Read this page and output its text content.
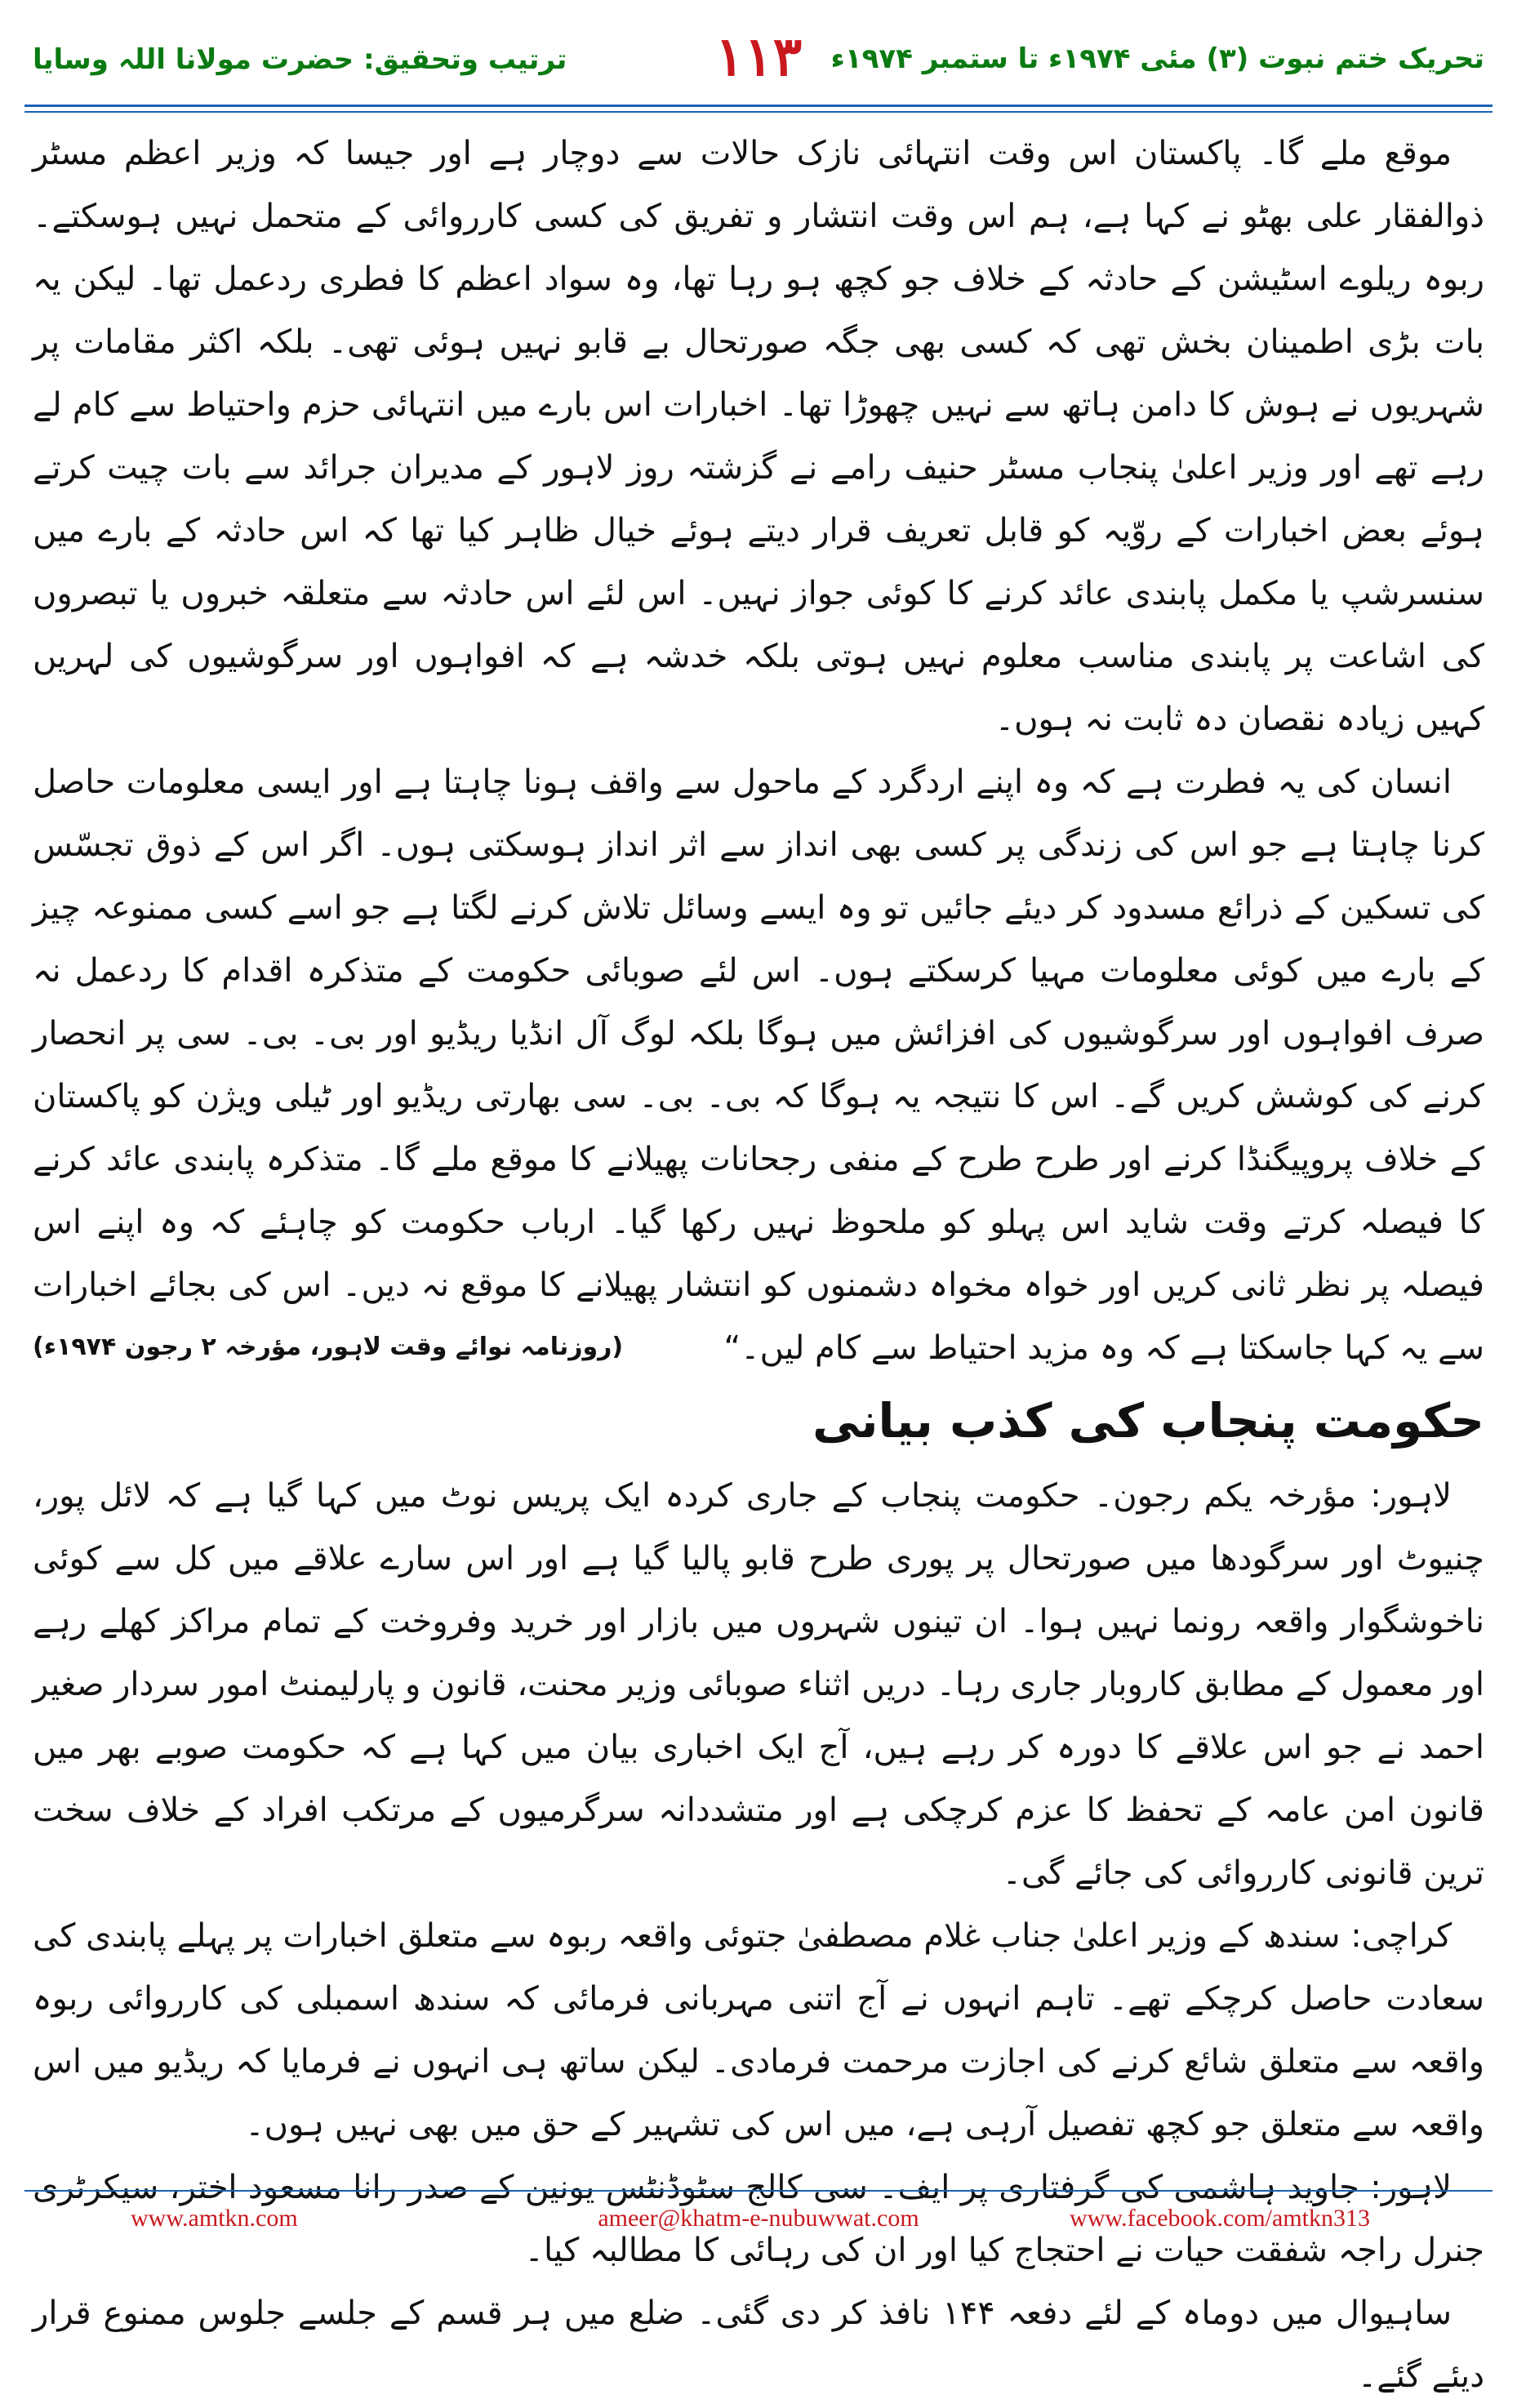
تحریک ختم نبوت (۳) مئی ۱۹۷۴ء تا ستمبر ۱۹۷۴ء
۱۱۳
ترتیب وتحقیق: حضرت مولانا اللہ وسایا

موقع ملے گا۔ پاکستان اس وقت انتہائی نازک حالات سے دوچار ہے اور جیسا کہ وزیر اعظم مسٹر ذوالفقار علی بھٹو نے کہا ہے، ہم اس وقت انتشار و تفریق کی کسی کارروائی کے متحمل نہیں ہوسکتے۔ ربوہ ریلوے اسٹیشن کے حادثہ کے خلاف جو کچھ ہو رہا تھا، وہ سواد اعظم کا فطری ردعمل تھا۔ لیکن یہ بات بڑی اطمینان بخش تھی کہ کسی بھی جگہ صورتحال بے قابو نہیں ہوئی تھی۔ بلکہ اکثر مقامات پر شہریوں نے ہوش کا دامن ہاتھ سے نہیں چھوڑا تھا۔ اخبارات اس بارے میں انتہائی حزم واحتیاط سے کام لے رہے تھے اور وزیر اعلیٰ پنجاب مسٹر حنیف رامے نے گزشتہ روز لاہور کے مدیران جرائد سے بات چیت کرتے ہوئے بعض اخبارات کے روّیہ کو قابل تعریف قرار دیتے ہوئے خیال ظاہر کیا تھا کہ اس حادثہ کے بارے میں سنسرشپ یا مکمل پابندی عائد کرنے کا کوئی جواز نہیں۔ اس لئے اس حادثہ سے متعلقہ خبروں یا تبصروں کی اشاعت پر پابندی مناسب معلوم نہیں ہوتی بلکہ خدشہ ہے کہ افواہوں اور سرگوشیوں کی لہریں کہیں زیادہ نقصان دہ ثابت نہ ہوں۔

انسان کی یہ فطرت ہے کہ وہ اپنے اردگرد کے ماحول سے واقف ہونا چاہتا ہے اور ایسی معلومات حاصل کرنا چاہتا ہے جو اس کی زندگی پر کسی بھی انداز سے اثر انداز ہوسکتی ہوں۔ اگر اس کے ذوق تجسّس کی تسکین کے ذرائع مسدود کر دیئے جائیں تو وہ ایسے وسائل تلاش کرنے لگتا ہے جو اسے کسی ممنوعہ چیز کے بارے میں کوئی معلومات مہیا کرسکتے ہوں۔ اس لئے صوبائی حکومت کے متذکرہ اقدام کا ردعمل نہ صرف افواہوں اور سرگوشیوں کی افزائش میں ہوگا بلکہ لوگ آل انڈیا ریڈیو اور بی۔ بی۔ سی پر انحصار کرنے کی کوشش کریں گے۔ اس کا نتیجہ یہ ہوگا کہ بی۔ بی۔ سی بھارتی ریڈیو اور ٹیلی ویژن کو پاکستان کے خلاف پروپیگنڈا کرنے اور طرح طرح کے منفی رجحانات پھیلانے کا موقع ملے گا۔ متذکرہ پابندی عائد کرنے کا فیصلہ کرتے وقت شاید اس پہلو کو ملحوظ نہیں رکھا گیا۔ ارباب حکومت کو چاہئے کہ وہ اپنے اس فیصلہ پر نظر ثانی کریں اور خواہ مخواہ دشمنوں کو انتشار پھیلانے کا موقع نہ دیں۔ اس کی بجائے اخبارات سے یہ کہا جاسکتا ہے کہ وہ مزید احتیاط سے کام لیں۔“

(روزنامہ نوائے وقت لاہور، مؤرخہ ۲ رجون ۱۹۷۴ء)

حکومت پنجاب کی کذب بیانی

لاہور: مؤرخہ یکم رجون۔ حکومت پنجاب کے جاری کردہ ایک پریس نوٹ میں کہا گیا ہے کہ لائل پور، چنیوٹ اور سرگودھا میں صورتحال پر پوری طرح قابو پالیا گیا ہے اور اس سارے علاقے میں کل سے کوئی ناخوشگوار واقعہ رونما نہیں ہوا۔ ان تینوں شہروں میں بازار اور خرید وفروخت کے تمام مراکز کھلے رہے اور معمول کے مطابق کاروبار جاری رہا۔ دریں اثناء صوبائی وزیر محنت، قانون و پارلیمنٹ امور سردار صغیر احمد نے جو اس علاقے کا دورہ کر رہے ہیں، آج ایک اخباری بیان میں کہا ہے کہ حکومت صوبے بھر میں قانون امن عامہ کے تحفظ کا عزم کرچکی ہے اور متشددانہ سرگرمیوں کے مرتکب افراد کے خلاف سخت ترین قانونی کارروائی کی جائے گی۔

کراچی: سندھ کے وزیر اعلیٰ جناب غلام مصطفیٰ جتوئی واقعہ ربوہ سے متعلق اخبارات پر پہلے پابندی کی سعادت حاصل کرچکے تھے۔ تاہم انہوں نے آج اتنی مہربانی فرمائی کہ سندھ اسمبلی کی کارروائی ربوہ واقعہ سے متعلق شائع کرنے کی اجازت مرحمت فرمادی۔ لیکن ساتھ ہی انہوں نے فرمایا کہ ریڈیو میں اس واقعہ سے متعلق جو کچھ تفصیل آرہی ہے، میں اس کی تشہیر کے حق میں بھی نہیں ہوں۔

لاہور: جاوید ہاشمی کی گرفتاری پر ایف۔ سی کالج سٹوڈنٹس یونین کے صدر رانا مسعود اختر، سیکرٹری جنرل راجہ شفقت حیات نے احتجاج کیا اور ان کی رہائی کا مطالبہ کیا۔

ساہیوال میں دوماہ کے لئے دفعہ ۱۴۴ نافذ کر دی گئی۔ ضلع میں ہر قسم کے جلسے جلوس ممنوع قرار دیئے گئے۔

www.amtkn.com	ameer@khatm-e-nubuwwat.com	www.facebook.com/amtkn313
